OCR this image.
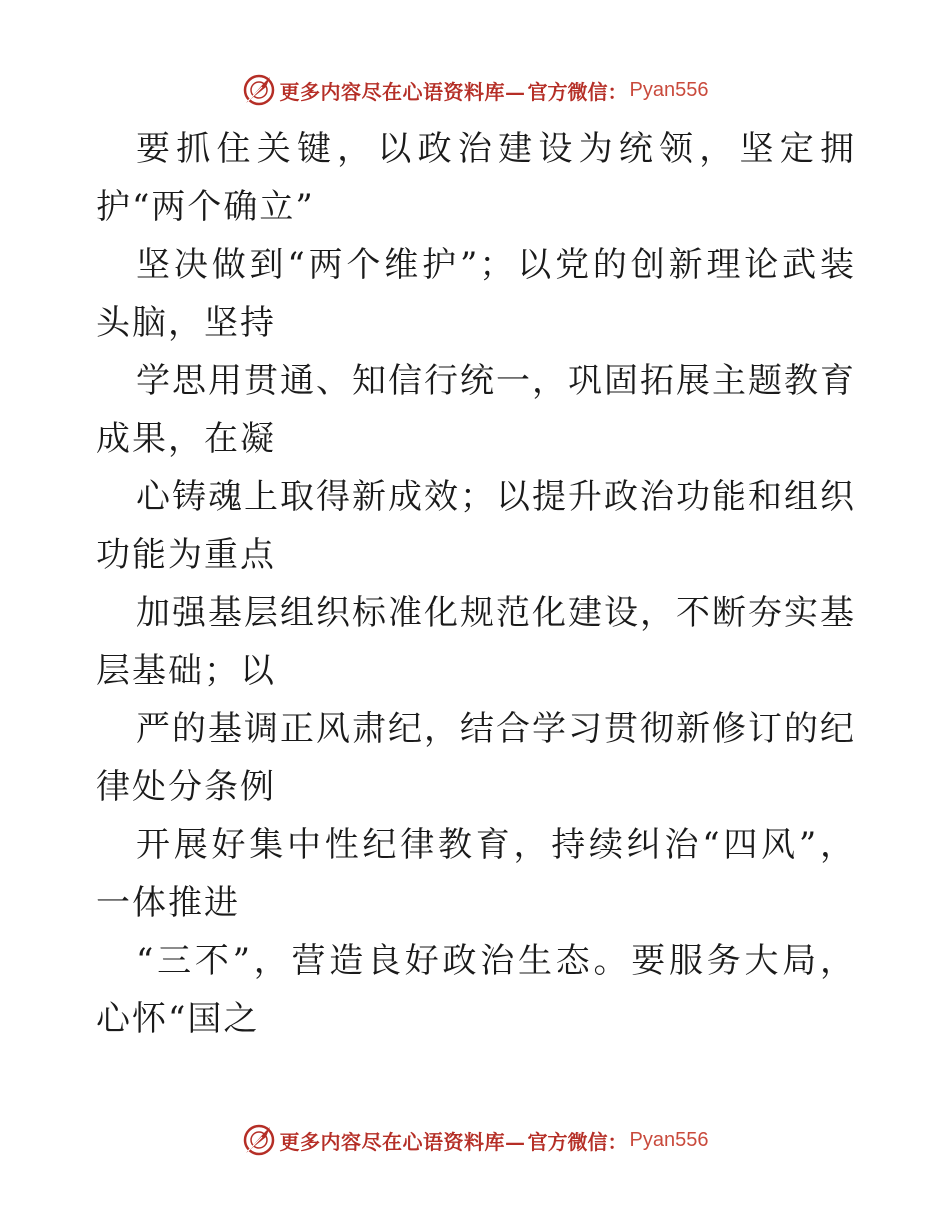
更多内容尽在心语资料库— 官方微信： Pyan556

要抓住关键，以政治建设为统领，坚定拥护“两个确立”

坚决做到“两个维护”；以党的创新理论武装头脑，坚持

学思用贯通、知信行统一，巩固拓展主题教育成果，在凝

心铸魂上取得新成效；以提升政治功能和组织功能为重点

加强基层组织标准化规范化建设，不断夯实基层基础；以

严的基调正风肃纪，结合学习贯彻新修订的纪律处分条例

开展好集中性纪律教育，持续纠治“四风”，一体推进

“三不”，营造良好政治生态。要服务大局，心怀“国之

更多内容尽在心语资料库— 官方微信： Pyan556
